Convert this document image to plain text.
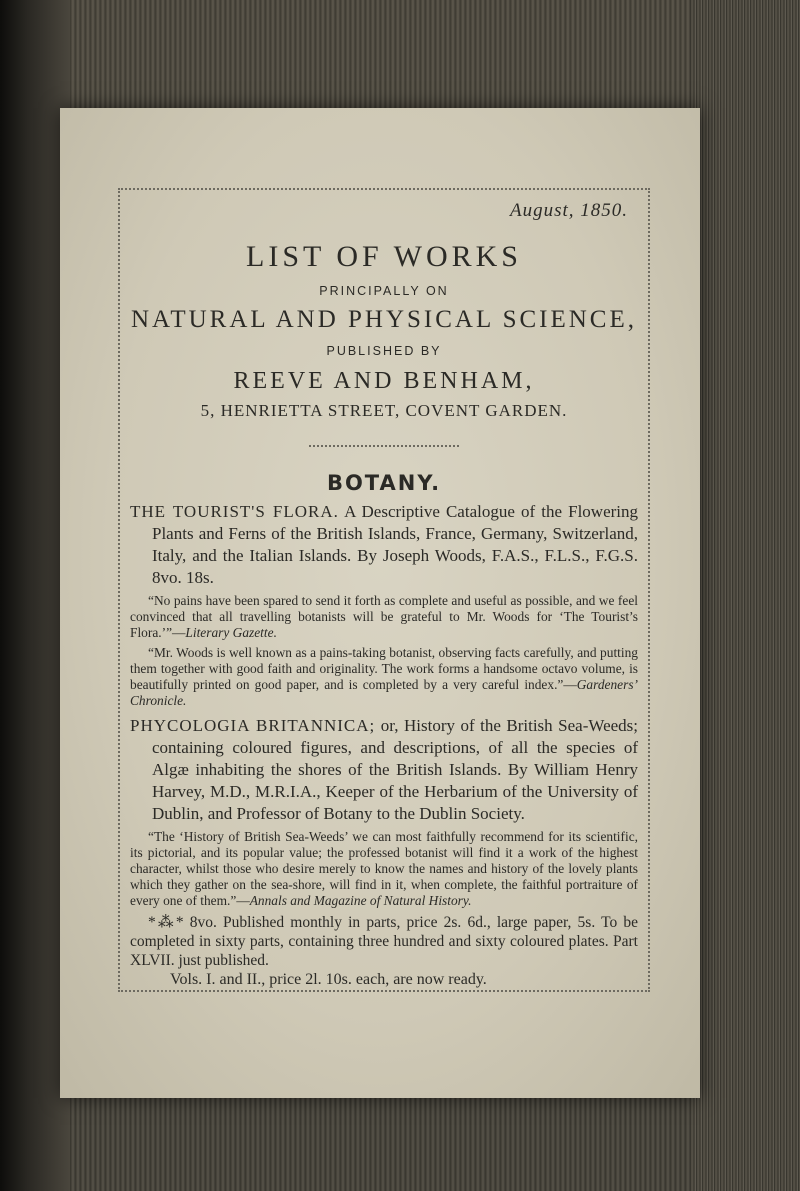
August, 1850.
LIST OF WORKS
PRINCIPALLY ON
NATURAL AND PHYSICAL SCIENCE,
PUBLISHED BY
REEVE AND BENHAM,
5, HENRIETTA STREET, COVENT GARDEN.
BOTANY.

THE TOURIST'S FLORA. A Descriptive Catalogue of the Flowering Plants and Ferns of the British Islands, France, Germany, Switzerland, Italy, and the Italian Islands. By Joseph Woods, F.A.S., F.L.S., F.G.S. 8vo. 18s.

“No pains have been spared to send it forth as complete and useful as possible, and we feel convinced that all travelling botanists will be grateful to Mr. Woods for ‘The Tourist’s Flora.’”—Literary Gazette.

“Mr. Woods is well known as a pains-taking botanist, observing facts carefully, and putting them together with good faith and originality. The work forms a handsome octavo volume, is beautifully printed on good paper, and is completed by a very careful index.”—Gardeners’ Chronicle.

PHYCOLOGIA BRITANNICA; or, History of the British Sea-Weeds; containing coloured figures, and descriptions, of all the species of Algæ inhabiting the shores of the British Islands. By William Henry Harvey, M.D., M.R.I.A., Keeper of the Herbarium of the University of Dublin, and Professor of Botany to the Dublin Society.

“The ‘History of British Sea-Weeds’ we can most faithfully recommend for its scientific, its pictorial, and its popular value; the professed botanist will find it a work of the highest character, whilst those who desire merely to know the names and history of the lovely plants which they gather on the sea-shore, will find in it, when complete, the faithful portraiture of every one of them.”—Annals and Magazine of Natural History.

*⁂* 8vo. Published monthly in parts, price 2s. 6d., large paper, 5s. To be completed in sixty parts, containing three hundred and sixty coloured plates. Part XLVII. just published.

Vols. I. and II., price 2l. 10s. each, are now ready.
